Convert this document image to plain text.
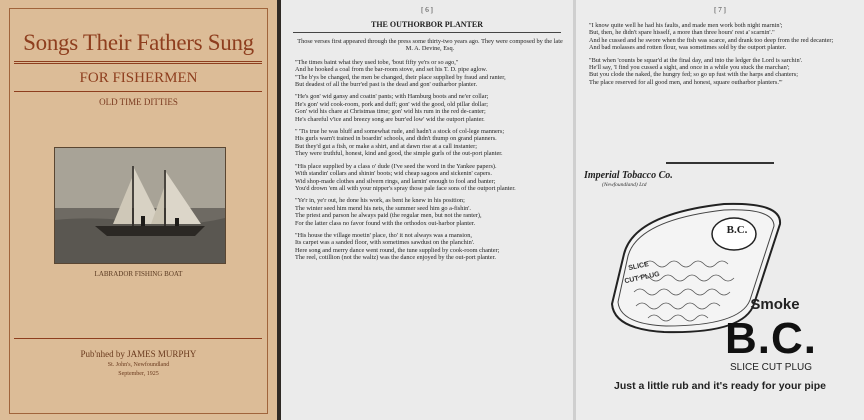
Songs Their Fathers Sung
FOR FISHERMEN
OLD TIME DITTIES
LABRADOR FISHING BOAT
Pub'nhed by JAMES MURPHY
St. John's, Newfoundland
September, 1925
[ 6 ]
THE OUTHORBOR PLANTER

Those verses first appeared through the press some thirty-two years ago. They were composed by the late M. A. Devine, Esq.

"The times baint what they used tobe, 'bout fifty ye'rs or so ago,"
And he hooked a coal from the bar-room stove, and set his T. D. pipe aglow.
"The b'ys be changed, the men be changed, their place supplied by fraud and ranter,
But deadest of all the burr'ed past is the dead and gon' outharbor planter.

"He's gon' wid gansy and coatin' pants; with Hamburg boots and ne'er collar;
He's gon' wid cook-room, pork and duff; gon' wid the good, old pillar dollar;
Gon' wid his chare at Christmas time; gon' wid his rum in the red de-canter;
He's chareful v'ice and breezy song are burr'ed low' wid the outport planter.

" 'Tis true he was bluff and somewhat rude, and hadn't a stock of col-lege manners;
His gurls warn't trained in boardin' schools, and didn't thump on grand pianners.
But they'd gut a fish, or make a shirt, and at dawn rise at a call instanter;
They were truthful, honest, kind and good, the simple gurls of the out-port planter.

"His place supplied by a class o' dude (I've seed the word in the Yankee papers).
With standin' collars and shinin' boots; wid cheap sagoos and sickenin' capers.
Wid shop-made clothes and silvern rings, and larnin' enough to fool and banter;
You'd drown 'em all with your nipper's spray those pale face sons of the outport planter.

"Ye'r in, ye'r out, he done his work, as bent he knew in his position;
The winter seed him mend his nets, the summer seed him go a-fishin'.
The priest and parson he always paid (the regular men, but not the ranter),
For the latter class no favor found with the orthodox out-harbor planter.

"His house the village moetin' place, tho' it not always was a mansion,
Its carpet was a sanded floor, with sometimes sawdust on the planchin'.
Here song and merry dance went round, the tune supplied by cook-room chanter;
The reel, cotillion (not the waltz) was the dance enjoyed by the out-port planter.

[ 7 ]

"I know quite well he had his faults, and made men work both night marnin';
But, then, he didn't spare hisself, a more than three hours' rest a' scarnin'."
And he cussed and he swore when the fish was scarce, and drank too deep from the red decanter;
And bad molasses and rotten flour, was sometimes sold by the outport planter.

"But when 'counts be squar'd at the final day, and into the ledger the Lord is sarchin'.
He'll say, 'I find you cussed a sight, and once in a while you stuck the marchan';
But you clode the naked, the hungry fed; so go up fust with the harps and chanters;
The place reserved for all good men, and honest, square outharbor planters.'"

Imperial Tobacco Co.
(Newfoundland) Ltd
B.C.
SLICE
CUT PLUG
Smoke
B.C.
SLICE CUT PLUG
Just a little rub and it's ready for your pipe
